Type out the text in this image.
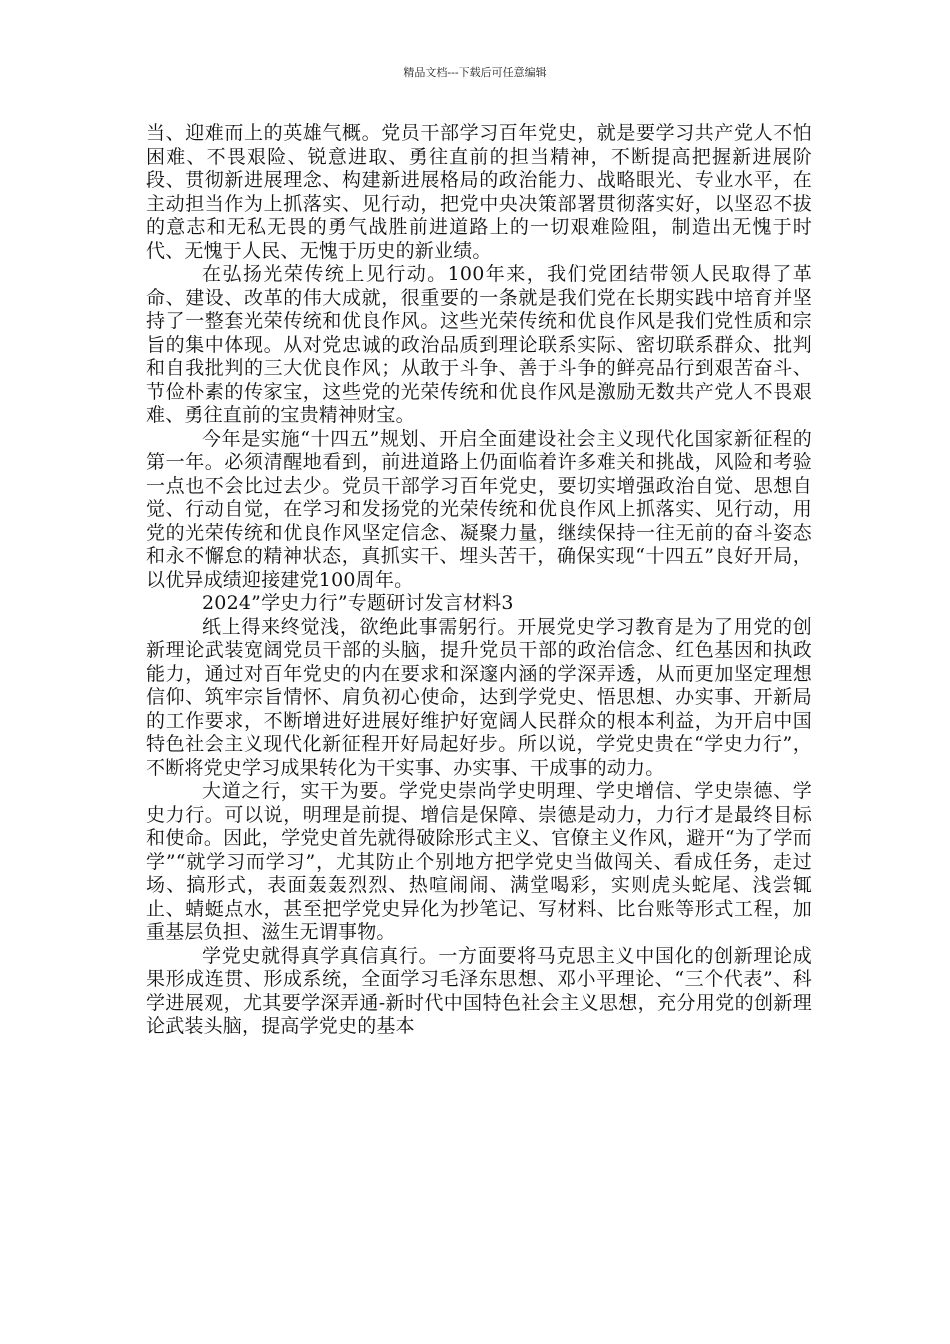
精品文档---下载后可任意编辑

当、迎难而上的英雄气概。党员干部学习百年党史，就是要学习共产党人不怕困难、不畏艰险、锐意进取、勇往直前的担当精神，不断提高把握新进展阶段、贯彻新进展理念、构建新进展格局的政治能力、战略眼光、专业水平，在主动担当作为上抓落实、见行动，把党中央决策部署贯彻落实好，以坚忍不拔的意志和无私无畏的勇气战胜前进道路上的一切艰难险阻，制造出无愧于时代、无愧于人民、无愧于历史的新业绩。

在弘扬光荣传统上见行动。100年来，我们党团结带领人民取得了革命、建设、改革的伟大成就，很重要的一条就是我们党在长期实践中培育并坚持了一整套光荣传统和优良作风。这些光荣传统和优良作风是我们党性质和宗旨的集中体现。从对党忠诚的政治品质到理论联系实际、密切联系群众、批判和自我批判的三大优良作风；从敢于斗争、善于斗争的鲜亮品行到艰苦奋斗、节俭朴素的传家宝，这些党的光荣传统和优良作风是激励无数共产党人不畏艰难、勇往直前的宝贵精神财宝。

今年是实施“十四五”规划、开启全面建设社会主义现代化国家新征程的第一年。必须清醒地看到，前进道路上仍面临着许多难关和挑战，风险和考验一点也不会比过去少。党员干部学习百年党史，要切实增强政治自觉、思想自觉、行动自觉，在学习和发扬党的光荣传统和优良作风上抓落实、见行动，用党的光荣传统和优良作风坚定信念、凝聚力量，继续保持一往无前的奋斗姿态和永不懈怠的精神状态，真抓实干、埋头苦干，确保实现“十四五”良好开局，以优异成绩迎接建党100周年。

2024”学史力行”专题研讨发言材料3

纸上得来终觉浅，欲绝此事需躬行。开展党史学习教育是为了用党的创新理论武装宽阔党员干部的头脑，提升党员干部的政治信念、红色基因和执政能力，通过对百年党史的内在要求和深邃内涵的学深弄透，从而更加坚定理想信仰、筑牢宗旨情怀、肩负初心使命，达到学党史、悟思想、办实事、开新局的工作要求，不断增进好进展好维护好宽阔人民群众的根本利益，为开启中国特色社会主义现代化新征程开好局起好步。所以说，学党史贵在“学史力行”，不断将党史学习成果转化为干实事、办实事、干成事的动力。

大道之行，实干为要。学党史崇尚学史明理、学史增信、学史崇德、学史力行。可以说，明理是前提、增信是保障、崇德是动力，力行才是最终目标和使命。因此，学党史首先就得破除形式主义、官僚主义作风，避开“为了学而学”“就学习而学习”，尤其防止个别地方把学党史当做闯关、看成任务，走过场、搞形式，表面轰轰烈烈、热喧闹闹、满堂喝彩，实则虎头蛇尾、浅尝辄止、蜻蜓点水，甚至把学党史异化为抄笔记、写材料、比台账等形式工程，加重基层负担、滋生无谓事物。

学党史就得真学真信真行。一方面要将马克思主义中国化的创新理论成果形成连贯、形成系统，全面学习毛泽东思想、邓小平理论、“三个代表”、科学进展观，尤其要学深弄通-新时代中国特色社会主义思想，充分用党的创新理论武装头脑，提高学党史的基本
